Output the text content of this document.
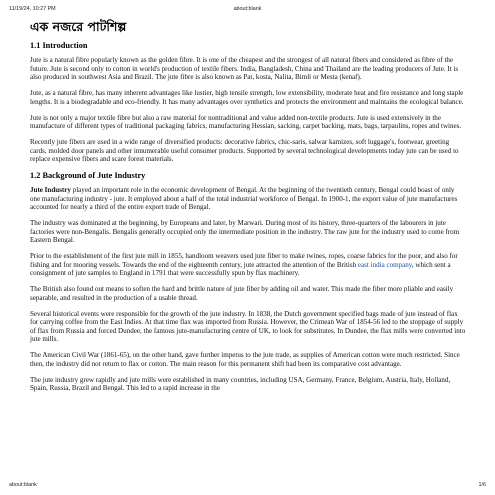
11/19/24, 10:27 PM	about:blank
এক নজরে পাটশিল্প
1.1 Introduction

Jute is a natural fibre popularly known as the golden fibre. It is one of the cheapest and the strongest of all natural fibers and considered as fibre of the future. Jute is second only to cotton in world's production of textile fibers. India, Bangladesh, China and Thailand are the leading producers of Jute. It is also produced in southwest Asia and Brazil. The jute fibre is also known as Pat, kosta, Nalita, Bimli or Mesta (kenaf).

Jute, as a natural fibre, has many inherent advantages like lustier, high tensile strength, low extensibility, moderate heat and fire resistance and long staple lengths. It is a biodegradable and eco-friendly. It has many advantages over synthetics and protects the environment and maintains the ecological balance.

Jute is not only a major textile fibre but also a raw material for nontraditional and value added non-textile products. Jute is used extensively in the manufacture of different types of traditional packaging fabrics, manufacturing Hessian, sacking, carpet backing, mats, bags, tarpaulins, ropes and twines.

Recently jute fibers are used in a wide range of diversified products: decorative fabrics, chic-saris, salwar kamizes, soft luggage's, footwear, greeting cards, molded door panels and other innumerable useful consumer products. Supported by several technological developments today jute can be used to replace expensive fibers and scare forest materials.

1.2 Background of Jute Industry

Jute Industry played an important role in the economic development of Bengal. At the beginning of the twentieth century, Bengal could boast of only one manufacturing industry - jute. It employed about a half of the total industrial workforce of Bengal. In 1900-1, the export value of jute manufactures accounted for nearly a third of the entire export trade of Bengal.

The industry was dominated at the beginning, by Europeans and later, by Marwari. During most of its history, three-quarters of the labourers in jute factories were non-Bengalis. Bengalis generally occupied only the intermediate position in the industry. The raw jute for the industry used to come from Eastern Bengal.

Prior to the establishment of the first jute mill in 1855, handloom weavers used jute fiber to make twines, ropes, coarse fabrics for the poor, and also for fishing and for mooring vessels. Towards the end of the eighteenth century, jute attracted the attention of the British east india company, which sent a consignment of jute samples to England in 1791 that were successfully spun by flax machinery.

The British also found out means to soften the hard and brittle nature of jute fiber by adding oil and water. This made the fiber more pliable and easily separable, and resulted in the production of a usable thread.

Several historical events were responsible for the growth of the jute industry. In 1838, the Dutch government specified bags made of jute instead of flax for carrying coffee from the East Indies. At that time flax was imported from Russia. However, the Crimean War of 1854-56 led to the stoppage of supply of flax from Russia and forced Dundee, the famous jute-manufacturing centre of UK, to look for substitutes. In Dundee, the flax mills were converted into jute mills.

The American Civil War (1861-65), on the other hand, gave further impetus to the jute trade, as supplies of American cotton were much restricted. Since then, the industry did not return to flax or cotton. The main reason for this permanent shift had been its comparative cost advantage.

The jute industry grew rapidly and jute mills were established in many countries, including USA, Germany, France, Belgium, Austria, Italy, Holland, Spain, Russia, Brazil and Bengal. This led to a rapid increase in the

about:blank	1/6
